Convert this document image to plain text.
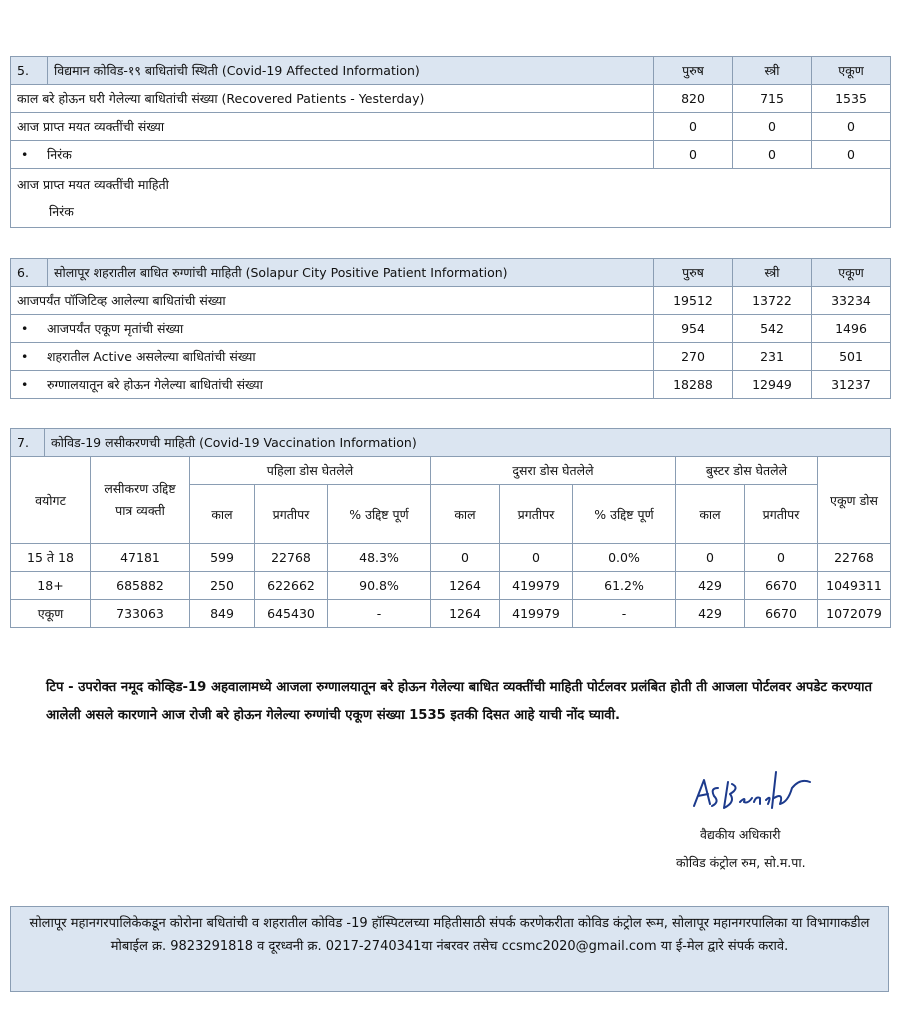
5.	विद्यमान कोविड-१९ बाधितांची स्थिती (Covid-19 Affected Information)	पुरुष	स्त्री	एकूण
काल बरे होऊन घरी गेलेल्या बाधितांची संख्या (Recovered Patients - Yesterday)		820	715	1535
आज प्राप्त मयत व्यक्तींची संख्या		0	0	0
• निरंक		0	0	0

आज प्राप्त मयत व्यक्तींची माहिती
निरंक				
6.	सोलापूर शहरातील बाधित रुग्णांची माहिती (Solapur City Positive Patient Information)	पुरुष	स्त्री	एकूण
आजपर्यंत पॉजिटिव्ह आलेल्या बाधितांची संख्या		19512	13722	33234
• आजपर्यंत एकूण मृतांची संख्या		954	542	1496
• शहरातील Active असलेल्या बाधितांची संख्या		270	231	501
• रुग्णालयातून बरे होऊन गेलेल्या बाधितांची संख्या		18288	12949	31237
7.	कोविड-19 लसीकरणची माहिती (Covid-19 Vaccination Information)										
वयोगट		लसीकरण उद्दिष्ट पात्र व्यक्ती	पहिला डोस घेतलेले			दुसरा डोस घेतलेले			बुस्टर डोस घेतलेले		एकूण डोस
			काल	प्रगतीपर	% उद्दिष्ट पूर्ण	काल	प्रगतीपर	% उद्दिष्ट पूर्ण	काल	प्रगतीपर	
15 ते 18		47181	599	22768	48.3%	0	0	0.0%	0	0	22768
18+		685882	250	622662	90.8%	1264	419979	61.2%	429	6670	1049311
एकूण		733063	849	645430	-	1264	419979	-	429	6670	1072079
टिप - उपरोक्त नमूद कोव्हिड-19 अहवालामध्ये आजला रुग्णालयातून बरे होऊन गेलेल्या बाधित व्यक्तींची माहिती पोर्टलवर प्रलंबित होती ती आजला पोर्टलवर अपडेट करण्यात आलेली असले कारणाने आज रोजी बरे होऊन गेलेल्या रुग्णांची एकूण संख्या 1535 इतकी दिसत आहे याची नोंद घ्यावी.
वैद्यकीय अधिकारी
कोविड कंट्रोल रुम, सो.म.पा.
सोलापूर महानगरपालिकेकडून कोरोना बधितांची व शहरातील कोविड -19 हॉस्पिटलच्या महितीसाठी संपर्क करणेकरीता कोविड कंट्रोल रूम, सोलापूर महानगरपालिका या विभागाकडील मोबाईल क्र. 9823291818 व दूरध्वनी क्र. 0217-2740341या नंबरवर तसेच ccsmc2020@gmail.com या ई-मेल द्वारे संपर्क करावे.
